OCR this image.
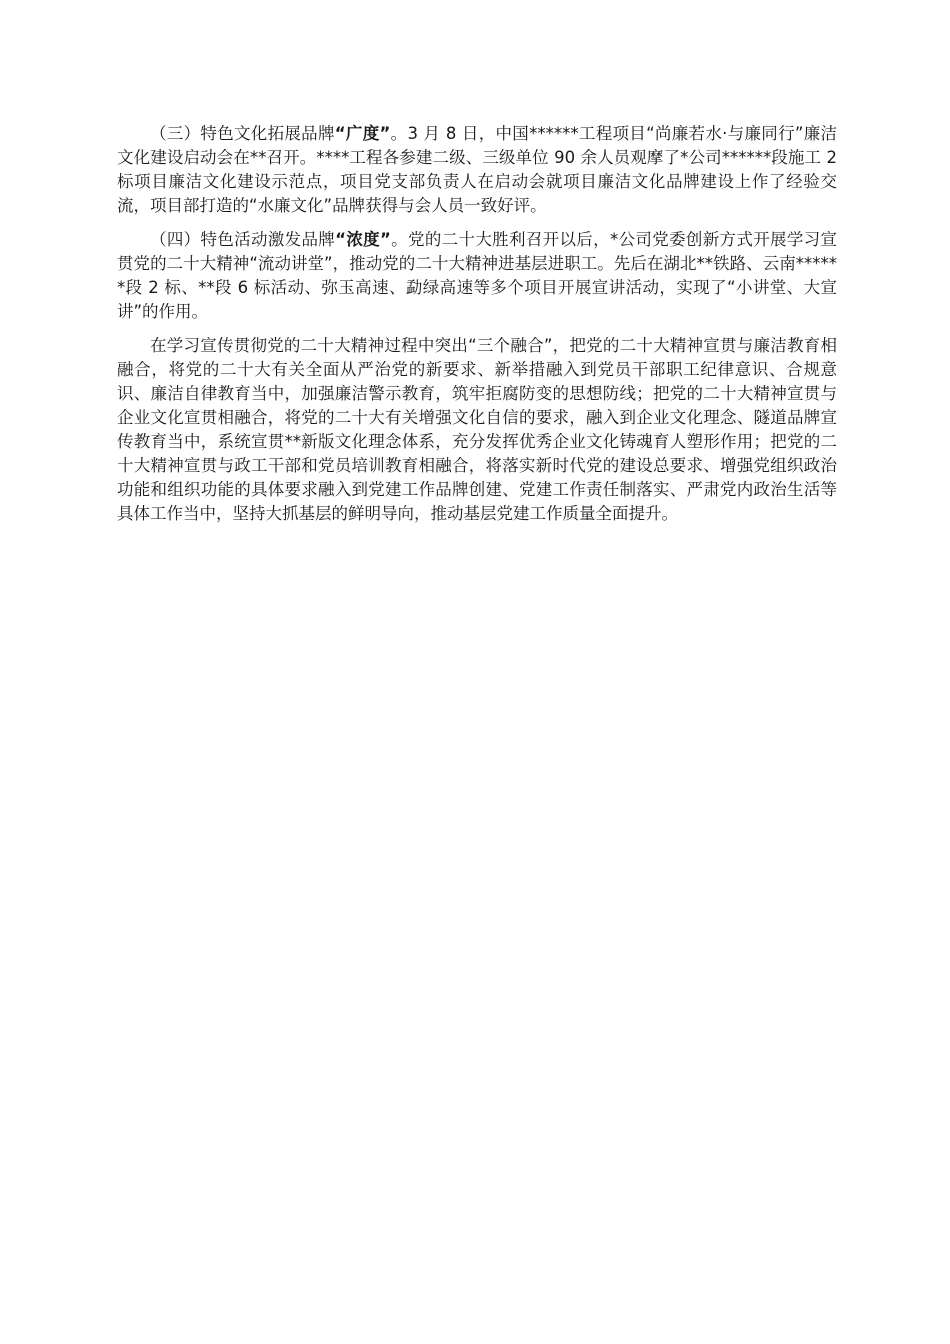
（三）特色文化拓展品牌“广度”。3 月 8 日，中国******工程项目“尚廉若水·与廉同行”廉洁文化建设启动会在**召开。****工程各参建二级、三级单位 90 余人员观摩了*公司******段施工 2 标项目廉洁文化建设示范点，项目党支部负责人在启动会就项目廉洁文化品牌建设上作了经验交流，项目部打造的“水廉文化”品牌获得与会人员一致好评。

（四）特色活动激发品牌“浓度”。党的二十大胜利召开以后，*公司党委创新方式开展学习宣贯党的二十大精神“流动讲堂”，推动党的二十大精神进基层进职工。先后在湖北**铁路、云南******段 2 标、**段 6 标活动、弥玉高速、勐绿高速等多个项目开展宣讲活动，实现了“小讲堂、大宣讲”的作用。

在学习宣传贯彻党的二十大精神过程中突出“三个融合”，把党的二十大精神宣贯与廉洁教育相融合，将党的二十大有关全面从严治党的新要求、新举措融入到党员干部职工纪律意识、合规意识、廉洁自律教育当中，加强廉洁警示教育，筑牢拒腐防变的思想防线；把党的二十大精神宣贯与企业文化宣贯相融合，将党的二十大有关增强文化自信的要求，融入到企业文化理念、隧道品牌宣传教育当中，系统宣贯**新版文化理念体系，充分发挥优秀企业文化铸魂育人塑形作用；把党的二十大精神宣贯与政工干部和党员培训教育相融合，将落实新时代党的建设总要求、增强党组织政治功能和组织功能的具体要求融入到党建工作品牌创建、党建工作责任制落实、严肃党内政治生活等具体工作当中，坚持大抓基层的鲜明导向，推动基层党建工作质量全面提升。
